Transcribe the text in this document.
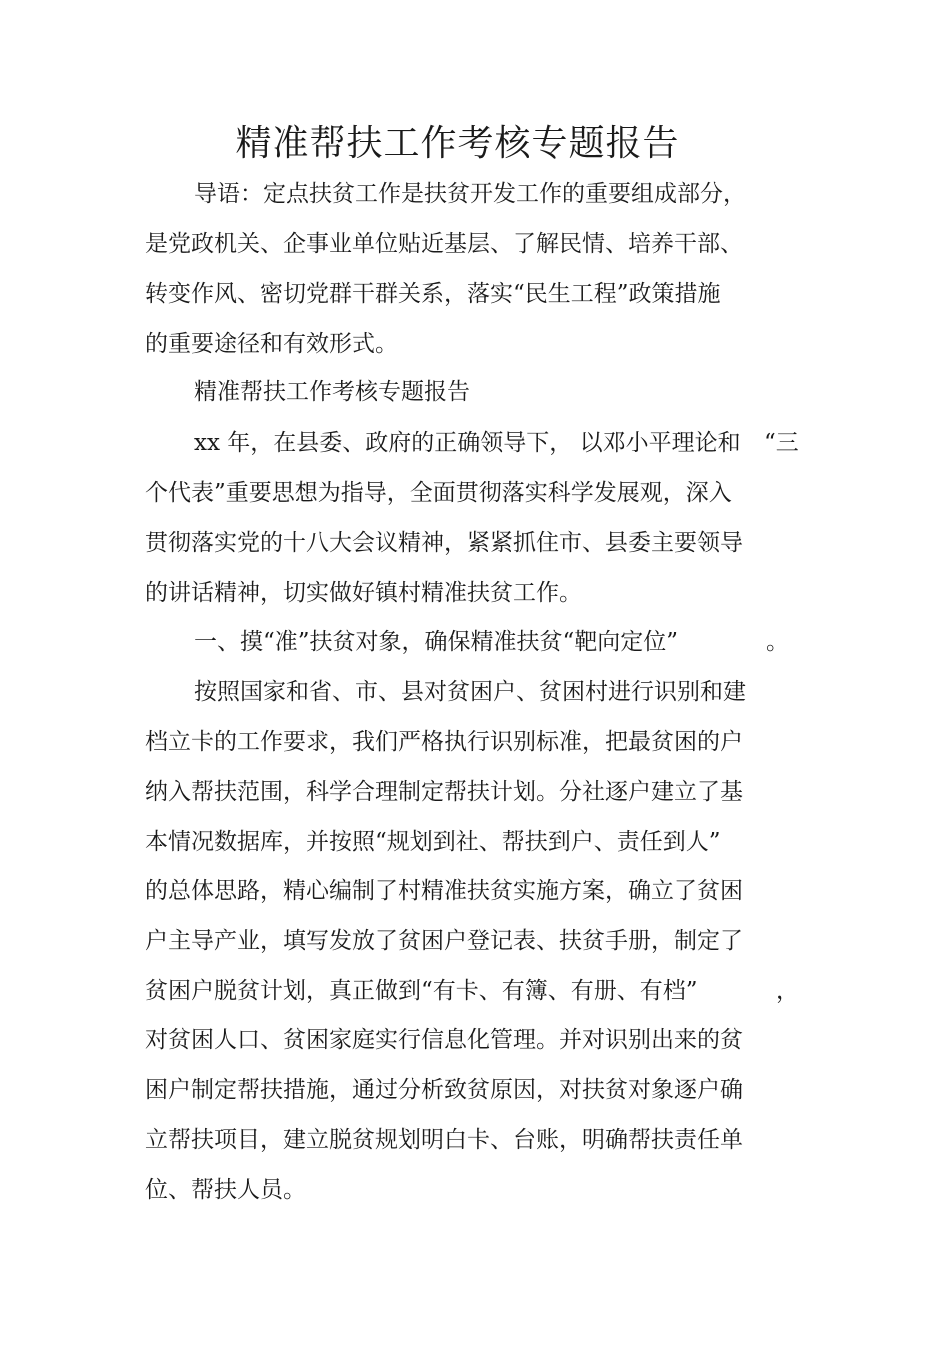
精准帮扶工作考核专题报告
导语：定点扶贫工作是扶贫开发工作的重要组成部分，
是党政机关、企事业单位贴近基层、了解民情、培养干部、
转变作风、密切党群干群关系，落实“民生工程”政策措施
的重要途径和有效形式。
精准帮扶工作考核专题报告
xx 年，在县委、政府的正确领导下， 以邓小平理论和 “三
个代表”重要思想为指导，全面贯彻落实科学发展观，深入
贯彻落实党的十八大会议精神，紧紧抓住市、县委主要领导
的讲话精神，切实做好镇村精准扶贫工作。
一、摸“准”扶贫对象，确保精准扶贫“靶向定位”	。
按照国家和省、市、县对贫困户、贫困村进行识别和建
档立卡的工作要求，我们严格执行识别标准，把最贫困的户
纳入帮扶范围，科学合理制定帮扶计划。分社逐户建立了基
本情况数据库，并按照“规划到社、帮扶到户、责任到人”
的总体思路，精心编制了村精准扶贫实施方案，确立了贫困
户主导产业，填写发放了贫困户登记表、扶贫手册，制定了
贫困户脱贫计划，真正做到“有卡、有簿、有册、有档”	，
对贫困人口、贫困家庭实行信息化管理。并对识别出来的贫
困户制定帮扶措施，通过分析致贫原因，对扶贫对象逐户确
立帮扶项目，建立脱贫规划明白卡、台账，明确帮扶责任单
位、帮扶人员。
